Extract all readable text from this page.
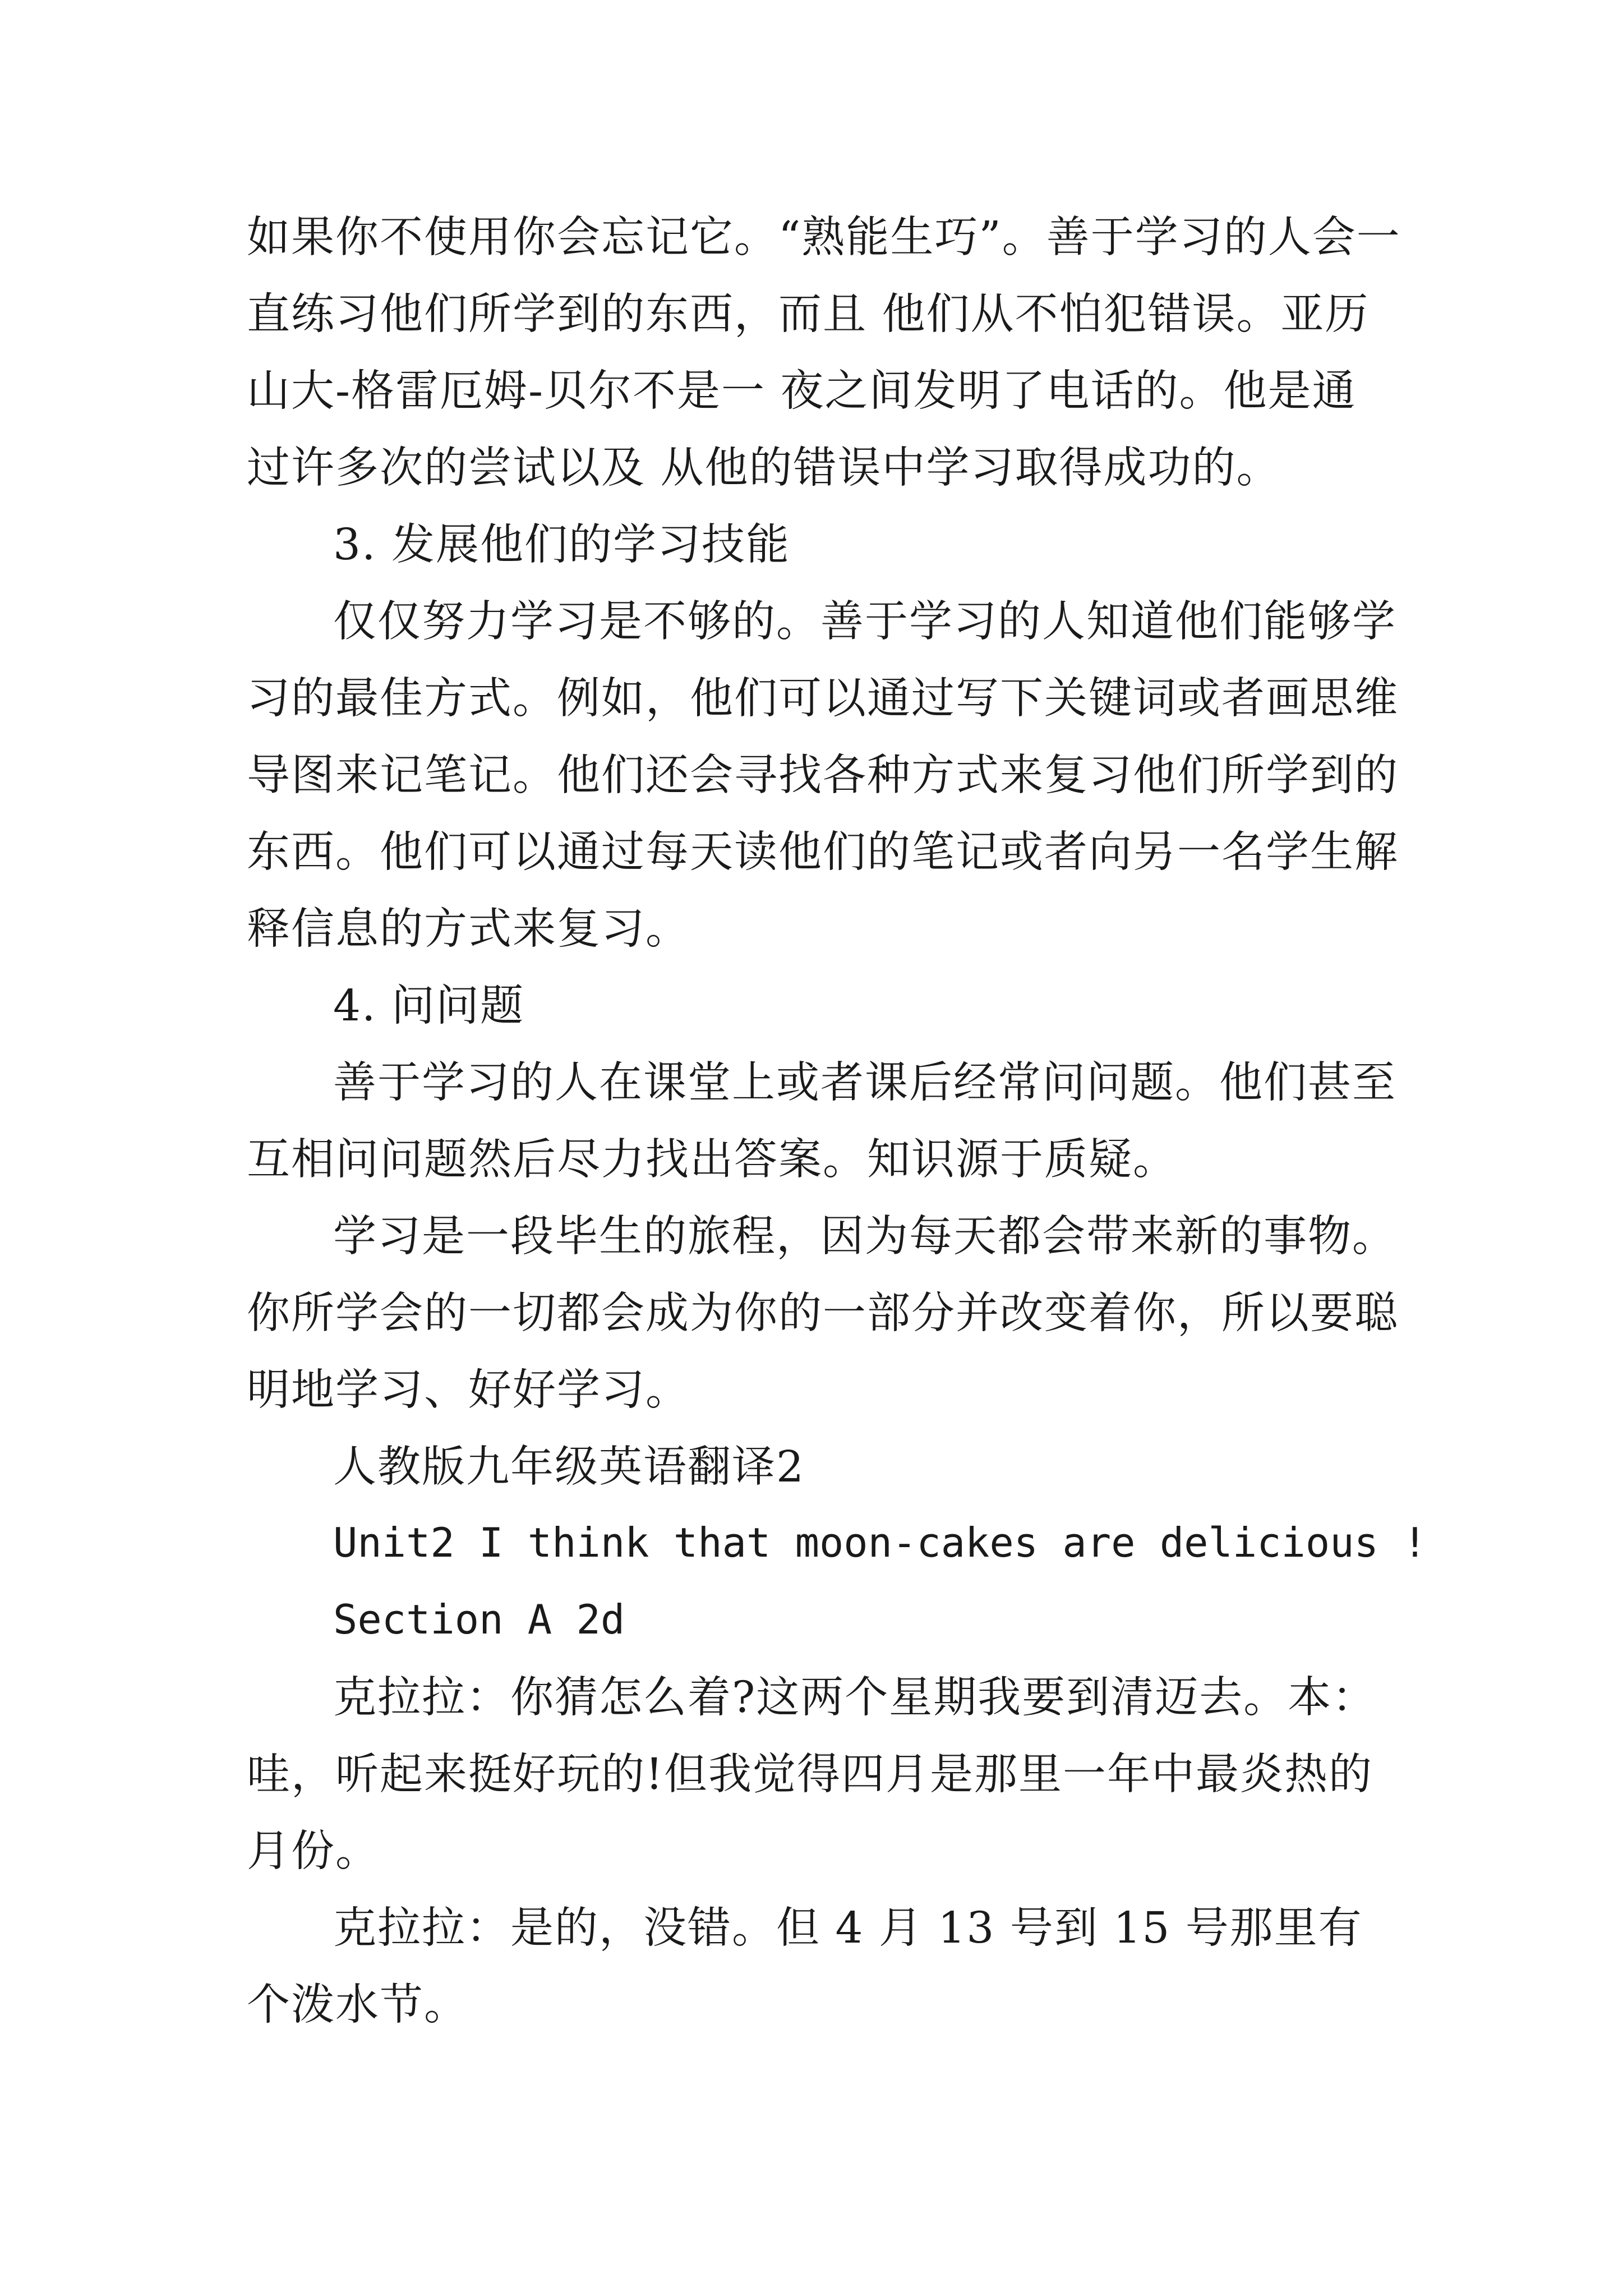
如果你不使用你会忘记它。“熟能生巧”。善于学习的人会一

直练习他们所学到的东西，而且 他们从不怕犯错误。亚历

山大-格雷厄姆-贝尔不是一 夜之间发明了电话的。他是通

过许多次的尝试以及 从他的错误中学习取得成功的。

3. 发展他们的学习技能

仅仅努力学习是不够的。善于学习的人知道他们能够学

习的最佳方式。例如，他们可以通过写下关键词或者画思维

导图来记笔记。他们还会寻找各种方式来复习他们所学到的

东西。他们可以通过每天读他们的笔记或者向另一名学生解

释信息的方式来复习。

4. 问问题

善于学习的人在课堂上或者课后经常问问题。他们甚至

互相问问题然后尽力找出答案。知识源于质疑。

学习是一段毕生的旅程，因为每天都会带来新的事物。

你所学会的一切都会成为你的一部分并改变着你，所以要聪

明地学习、好好学习。

人教版九年级英语翻译2

Unit2 I think that moon-cakes are delicious !

Section A 2d

克拉拉：你猜怎么着?这两个星期我要到清迈去。本：

哇，听起来挺好玩的!但我觉得四月是那里一年中最炎热的

月份。

克拉拉：是的，没错。但 4 月 13 号到 15 号那里有

个泼水节。
